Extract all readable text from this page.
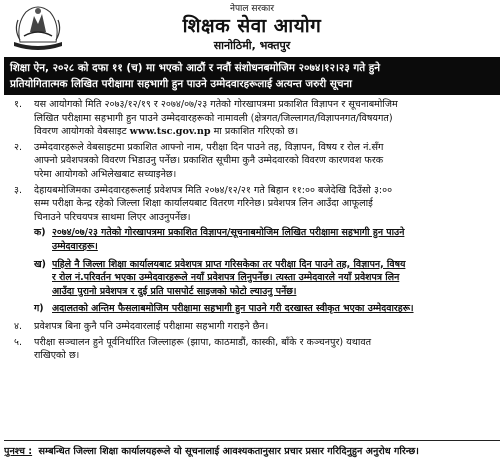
नेपाल सरकार
शिक्षक सेवा आयोग
सानोठिमी, भक्तपुर
शिक्षा ऐन, २०२८ को दफा ११ (च) मा भएको आठौं र नवौं संशोधनबमोजिम २०७४।१२।२३ गते हुने
प्रतियोगितात्मक लिखित परीक्षामा सहभागी हुन पाउने उम्मेदवारहरूलाई अत्यन्त जरुरी सूचना
१. यस आयोगको मिति २०७३/१२/१९ र २०७४/०७/२३ गतेको गोरखापत्रमा प्रकाशित विज्ञापन र सूचनाबमोजिम
लिखित परीक्षामा सहभागी हुन पाउने उम्मेदवारहरूको नामावली (क्षेत्रगत/जिल्लागत/विज्ञापनगत/विषयगत)
विवरण आयोगको वेबसाइट www.tsc.gov.np मा प्रकाशित गरिएको छ।
२. उम्मेदवारहरूले वेबसाइटमा प्रकाशित आफ्नो नाम, परीक्षा दिन पाउने तह, विज्ञापन, विषय र रोल नं.सँग
आफ्नो प्रवेशपत्रको विवरण भिडाउनु पर्नेछ। प्रकाशित सूचीमा कुनै उम्मेदवारको विवरण कारणवश फरक
परेमा आयोगको अभिलेखबाट सच्याइनेछ।
३. देहायबमोजिमका उम्मेदवारहरूलाई प्रवेशपत्र मिति २०७४/१२/२१ गते बिहान ११:०० बजेदेखि दिउँसो ३:००
सम्म परीक्षा केन्द्र रहेको जिल्ला शिक्षा कार्यालयबाट वितरण गरिनेछ। प्रवेशपत्र लिन आउँदा आफूलाई
चिनाउने परिचयपत्र साथमा लिएर आउनुपर्नेछ।
क) २०७४/०७/२३ गतेको गोरखापत्रमा प्रकाशित विज्ञापन/सूचनाबमोजिम लिखित परीक्षामा सहभागी हुन पाउने
उम्मेदवारहरू।
ख) पहिले नै जिल्ला शिक्षा कार्यालयबाट प्रवेशपत्र प्राप्त गरिसकेका तर परीक्षा दिन पाउने तह, विज्ञापन, विषय
र रोल नं.परिवर्तन भएका उम्मेदवारहरूले नयाँ प्रवेशपत्र लिनुपर्नेछ। त्यस्ता उम्मेदवारले नयाँ प्रवेशपत्र लिन
आउँदा पुरानो प्रवेशपत्र र दुई प्रति पासपोर्ट साइजको फोटो ल्याउनु पर्नेछ।
ग) अदालतको अन्तिम फैसलाबमोजिम परीक्षामा सहभागी हुन पाउने गरी दरखास्त स्वीकृत भएका उम्मेदवारहरू।
४. प्रवेशपत्र बिना कुनै पनि उम्मेदवारलाई परीक्षामा सहभागी गराइने छैन।
५. परीक्षा सञ्चालन हुने पूर्वनिर्धारित जिल्लाहरू (झापा, काठमाडौं, कास्की, बाँके र कञ्चनपुर) यथावत
राखिएको छ।
पुनश्च : सम्बन्धित जिल्ला शिक्षा कार्यालयहरूले यो सूचनालाई आवश्यकतानुसार प्रचार प्रसार गरिदिनुहुन अनुरोध गरिन्छ।
